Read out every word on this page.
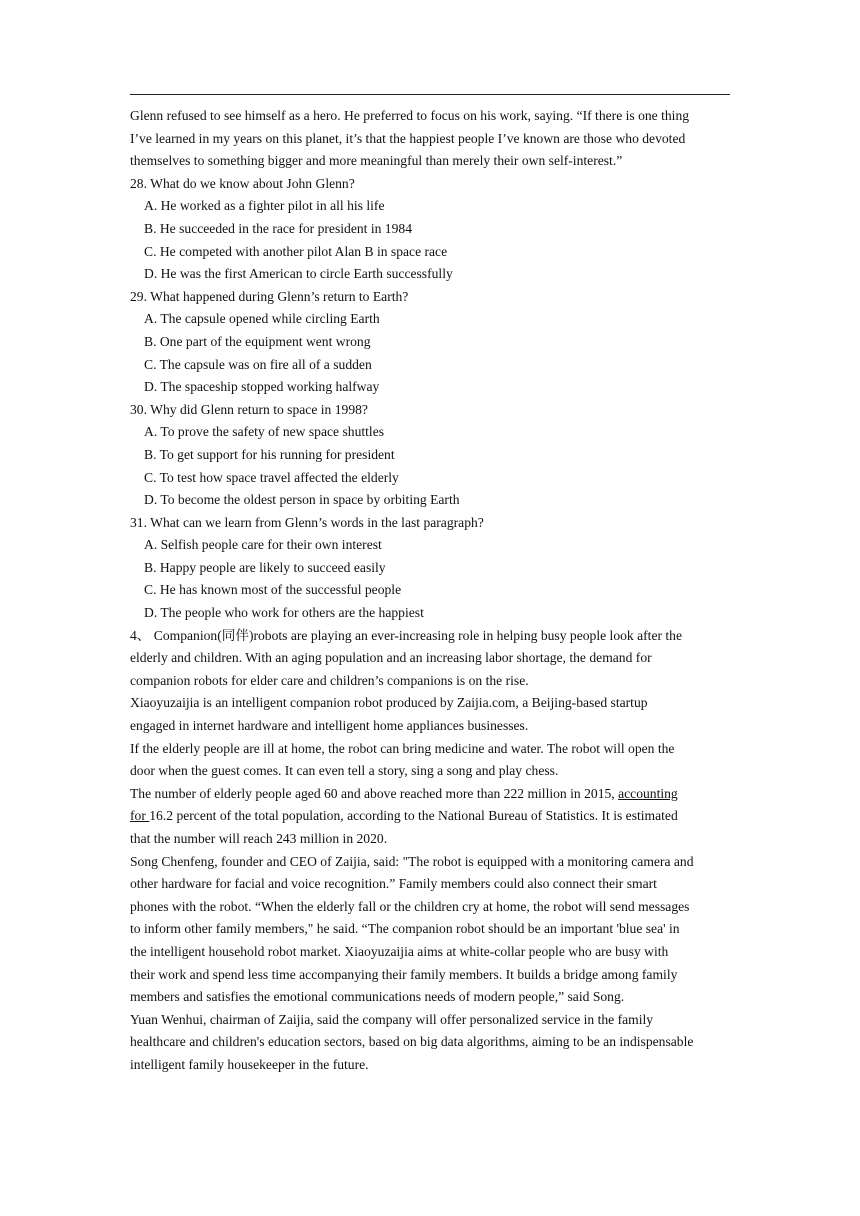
Glenn refused to see himself as a hero. He preferred to focus on his work, saying. “If there is one thing
I’ve learned in my years on this planet, it’s that the happiest people I’ve known are those who devoted
themselves to something bigger and more meaningful than merely their own self-interest.”
28. What do we know about John Glenn?
A. He worked as a fighter pilot in all his life
B. He succeeded in the race for president in 1984
C. He competed with another pilot Alan B in space race
D. He was the first American to circle Earth successfully
29. What happened during Glenn’s return to Earth?
A. The capsule opened while circling Earth
B. One part of the equipment went wrong
C. The capsule was on fire all of a sudden
D. The spaceship stopped working halfway
30. Why did Glenn return to space in 1998?
A. To prove the safety of new space shuttles
B. To get support for his running for president
C. To test how space travel affected the elderly
D. To become the oldest person in space by orbiting Earth
31. What can we learn from Glenn’s words in the last paragraph?
A. Selfish people care for their own interest
B. Happy people are likely to succeed easily
C. He has known most of the successful people
D. The people who work for others are the happiest
4、 Companion(同伴)robots are playing an ever-increasing role in helping busy people look after the
elderly and children. With an aging population and an increasing labor shortage, the demand for
companion robots for elder care and children’s companions is on the rise.
Xiaoyuzaijia is an intelligent companion robot produced by Zaijia.com, a Beijing-based startup
engaged in internet hardware and intelligent home appliances businesses.
If the elderly people are ill at home, the robot can bring medicine and water. The robot will open the
door when the guest comes. It can even tell a story, sing a song and play chess.
The number of elderly people aged 60 and above reached more than 222 million in 2015, accounting
for 16.2 percent of the total population, according to the National Bureau of Statistics. It is estimated
that the number will reach 243 million in 2020.
Song Chenfeng, founder and CEO of Zaijia, said: "The robot is equipped with a monitoring camera and
other hardware for facial and voice recognition.” Family members could also connect their smart
phones with the robot. “When the elderly fall or the children cry at home, the robot will send messages
to inform other family members," he said. “The companion robot should be an important 'blue sea' in
the intelligent household robot market. Xiaoyuzaijia aims at white-collar people who are busy with
their work and spend less time accompanying their family members. It builds a bridge among family
members and satisfies the emotional communications needs of modern people,” said Song.
Yuan Wenhui, chairman of Zaijia, said the company will offer personalized service in the family
healthcare and children's education sectors, based on big data algorithms, aiming to be an indispensable
intelligent family housekeeper in the future.
